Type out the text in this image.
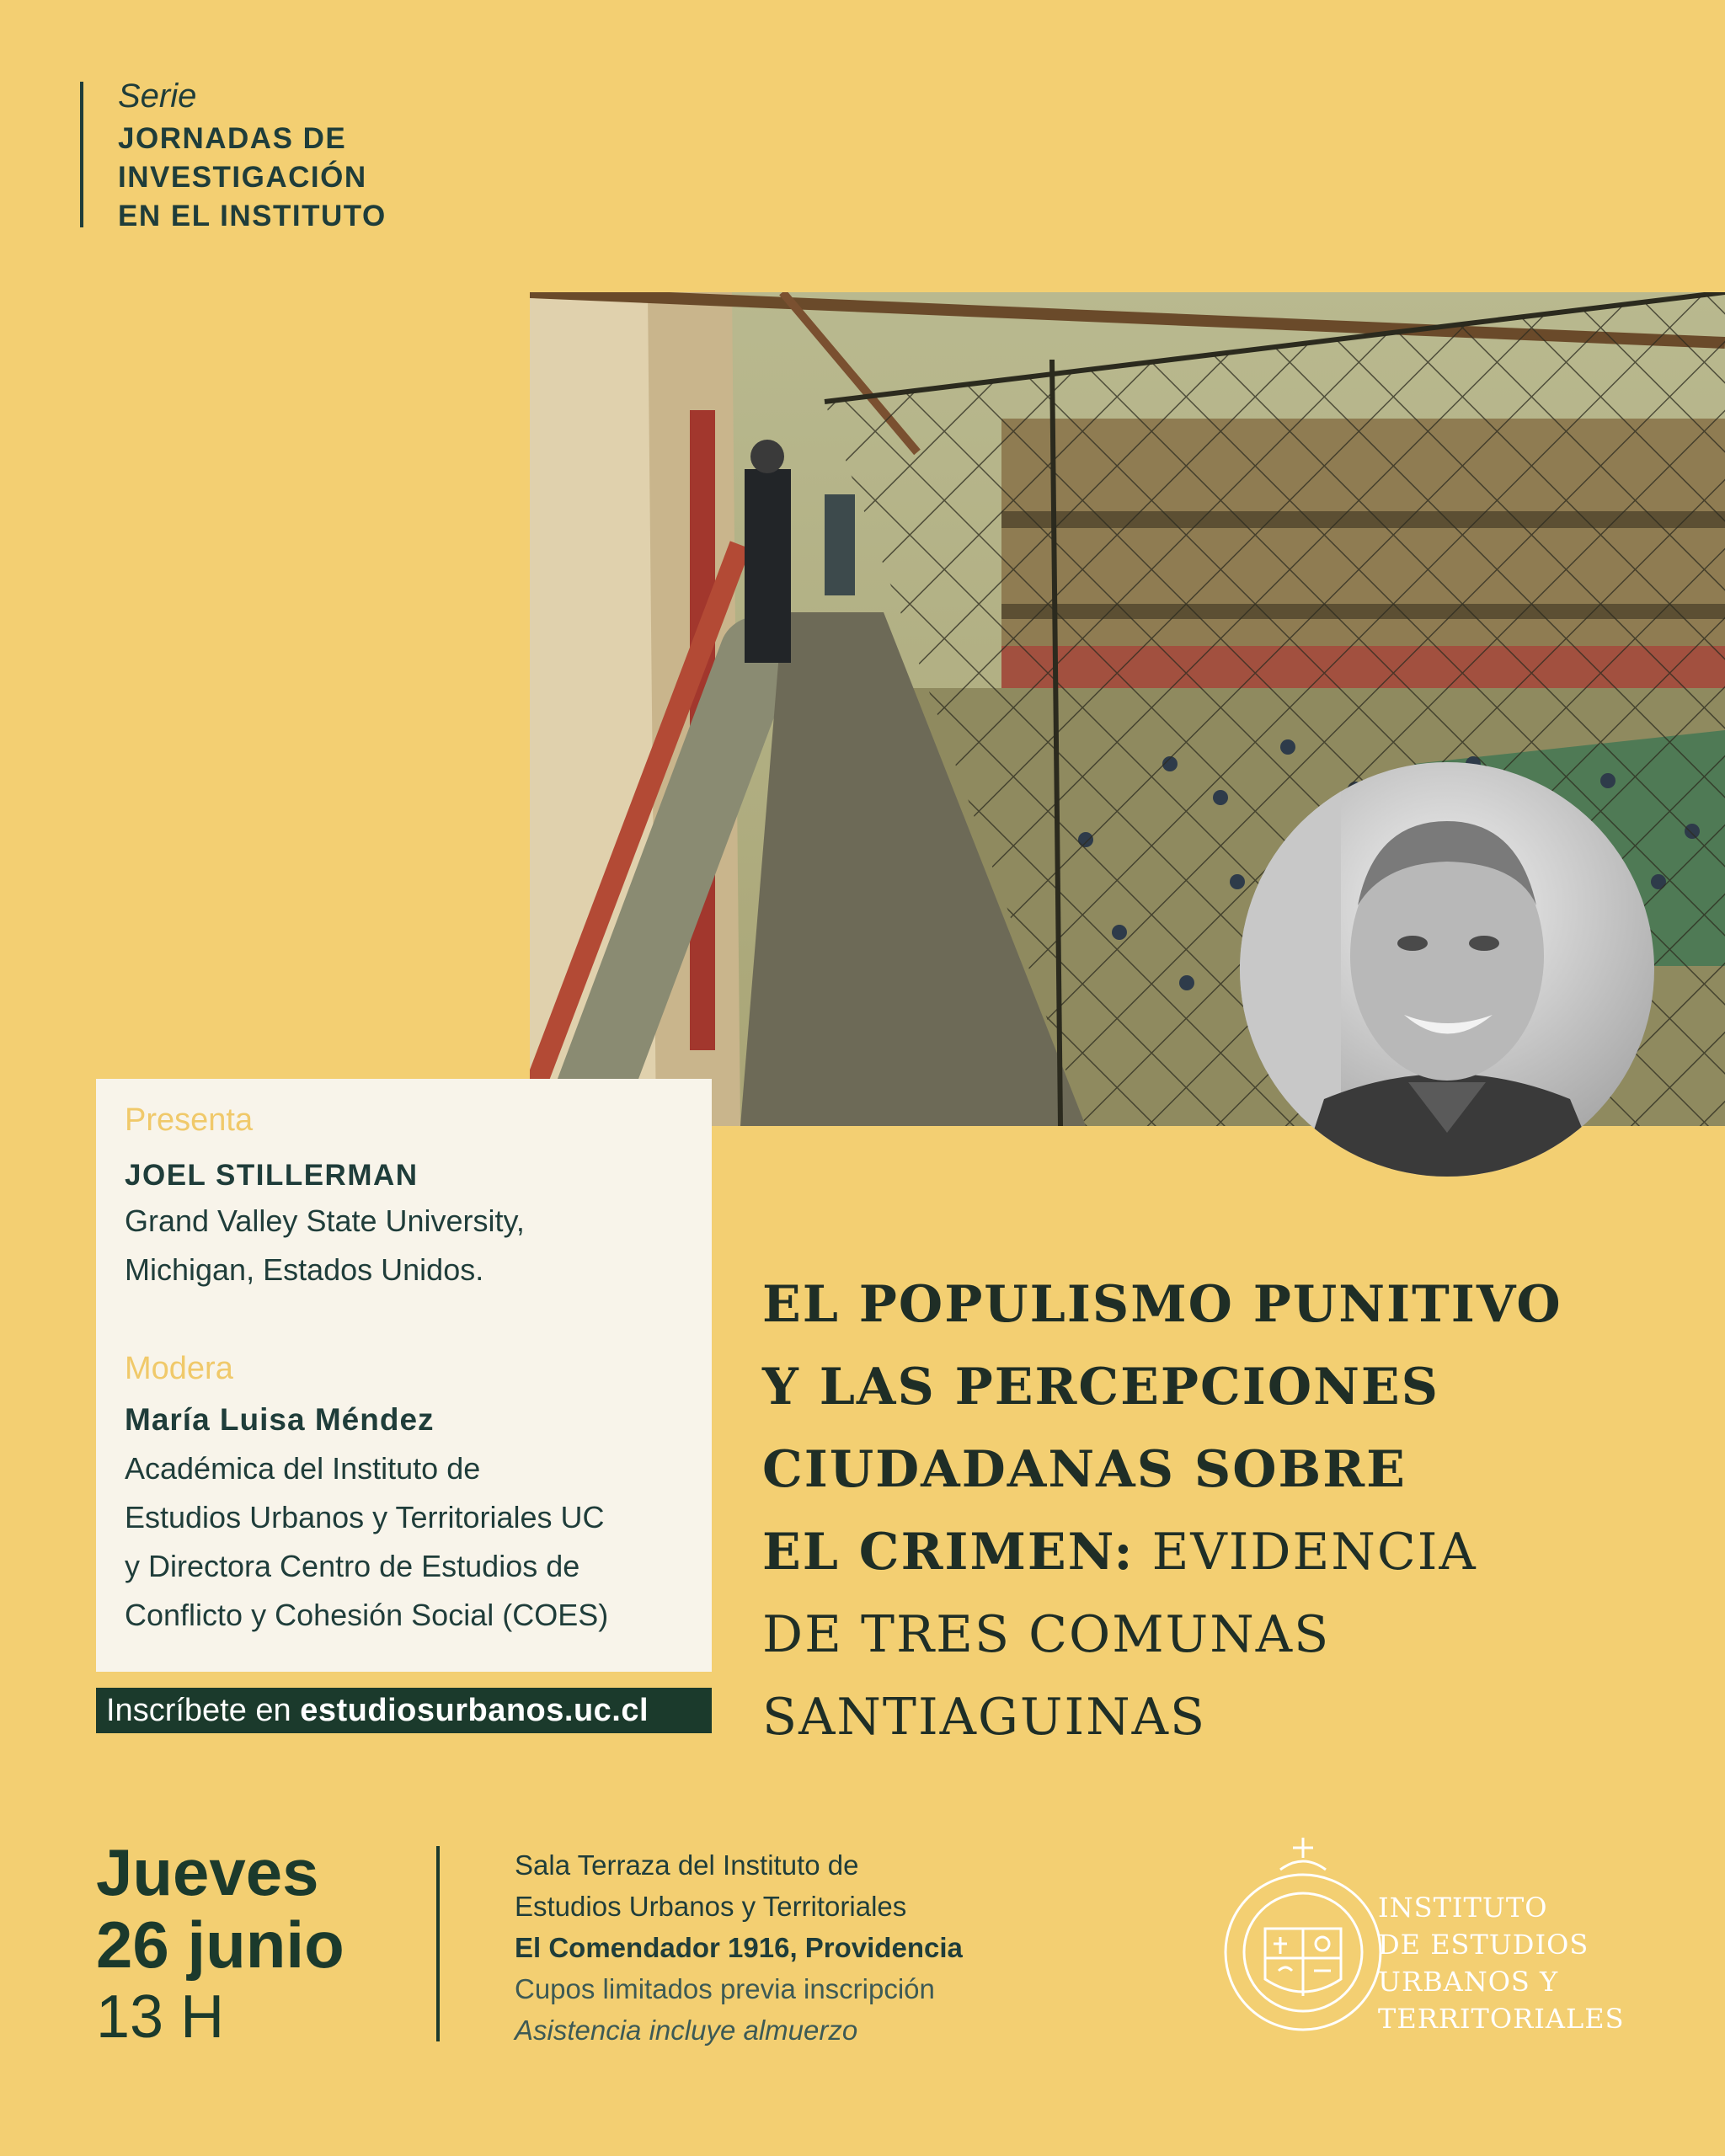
Serie
JORNADAS DE
INVESTIGACIÓN
EN EL INSTITUTO
Presenta
JOEL STILLERMAN
Grand Valley State University,
Michigan, Estados Unidos.
Modera
María Luisa Méndez
Académica del Instituto de
Estudios Urbanos y Territoriales UC
y Directora Centro de Estudios de
Conflicto y Cohesión Social (COES)
Inscríbete en estudiosurbanos.uc.cl
EL POPULISMO PUNITIVO
Y LAS PERCEPCIONES
CIUDADANAS SOBRE
EL CRIMEN: EVIDENCIA
DE TRES COMUNAS
SANTIAGUINAS
Jueves
26 junio
13 H
Sala Terraza del Instituto de
Estudios Urbanos y Territoriales
El Comendador 1916, Providencia
Cupos limitados previa inscripción
Asistencia incluye almuerzo
INSTITUTO
DE ESTUDIOS
URBANOS Y
TERRITORIALES
